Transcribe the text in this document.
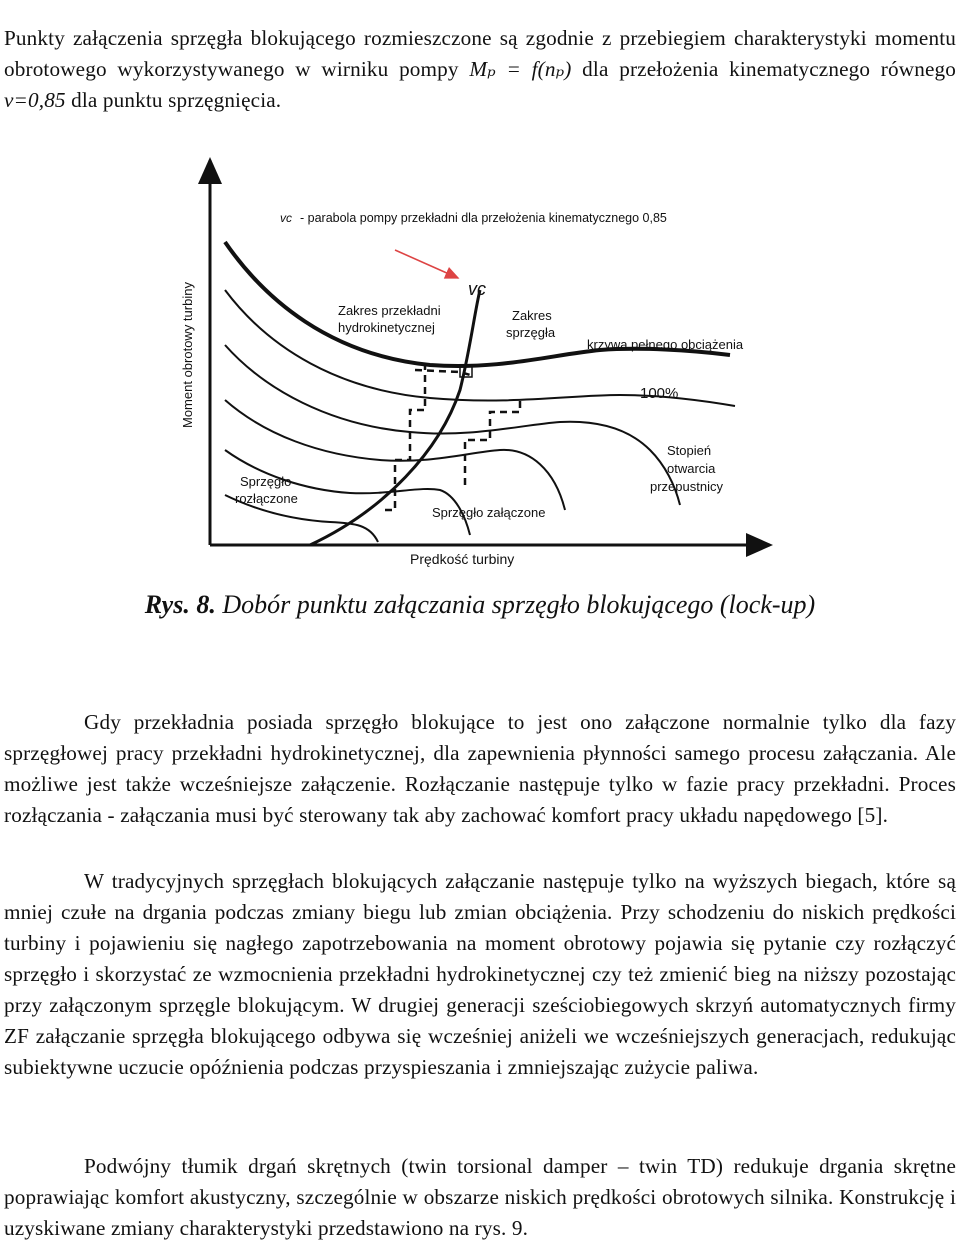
Punkty załączenia sprzęgła blokującego rozmieszczone są zgodnie z przebiegiem charakterystyki momentu obrotowego wykorzystywanego w wirniku pompy Mₚ = f(nₚ) dla przełożenia kinematycznego równego ν=0,85 dla punktu sprzęgnięcia.

Moment obrotowy turbiny
Prędkość turbiny
vᴄ - parabola pompy przekładni dla przełożenia kinematycznego 0,85
vᴄ
Zakres przekładni
hydrokinetycznej
Zakres
sprzęgła
krzywa pełnego obciążenia
100%
Stopień
otwarcia
przepustnicy
Sprzęgło
rozłączone
Sprzęgło załączone
Rys. 8. Dobór punktu załączania sprzęgło blokującego (lock-up)

Gdy przekładnia posiada sprzęgło blokujące to jest ono załączone normalnie tylko dla fazy sprzęgłowej pracy przekładni hydrokinetycznej, dla zapewnienia płynności samego procesu załączania. Ale możliwe jest także wcześniejsze załączenie. Rozłączanie następuje tylko w fazie pracy przekładni. Proces rozłączania - załączania musi być sterowany tak aby zachować komfort pracy układu napędowego [5].

W tradycyjnych sprzęgłach blokujących załączanie następuje tylko na wyższych biegach, które są mniej czułe na drgania podczas zmiany biegu lub zmian obciążenia. Przy schodzeniu do niskich prędkości turbiny i pojawieniu się nagłego zapotrzebowania na moment obrotowy pojawia się pytanie czy rozłączyć sprzęgło i skorzystać ze wzmocnienia przekładni hydrokinetycznej czy też zmienić bieg na niższy pozostając przy załączonym sprzęgle blokującym. W drugiej generacji sześciobiegowych skrzyń automatycznych firmy ZF załączanie sprzęgła blokującego odbywa się wcześniej aniżeli we wcześniejszych generacjach, redukując subiektywne uczucie opóźnienia podczas przyspieszania i zmniejszając zużycie paliwa.

Podwójny tłumik drgań skrętnych (twin torsional damper – twin TD) redukuje drgania skrętne poprawiając komfort akustyczny, szczególnie w obszarze niskich prędkości obrotowych silnika. Konstrukcję i uzyskiwane zmiany charakterystyki przedstawiono na rys. 9.
